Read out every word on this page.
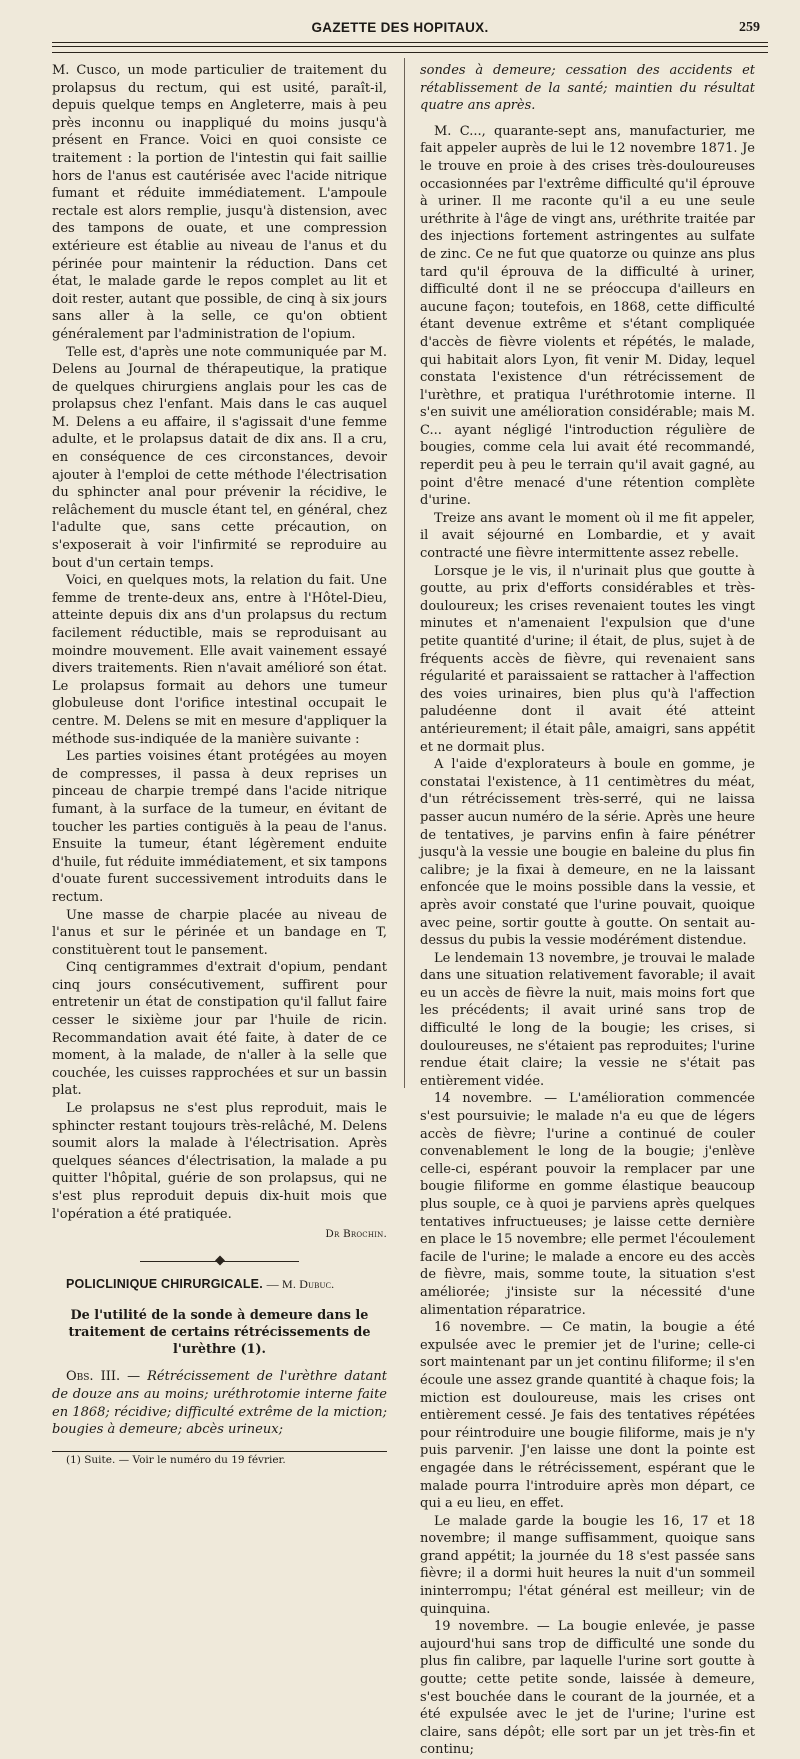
GAZETTE DES HOPITAUX.	259

M. Cusco, un mode particulier de traitement du prolapsus du rectum, qui est usité, paraît-il, depuis quelque temps en Angleterre, mais à peu près inconnu ou inappliqué du moins jusqu'à présent en France. Voici en quoi consiste ce traitement : la portion de l'intestin qui fait saillie hors de l'anus est cautérisée avec l'acide nitrique fumant et réduite immédiatement. L'ampoule rectale est alors remplie, jusqu'à distension, avec des tampons de ouate, et une compression extérieure est établie au niveau de l'anus et du périnée pour maintenir la réduction. Dans cet état, le malade garde le repos complet au lit et doit rester, autant que possible, de cinq à six jours sans aller à la selle, ce qu'on obtient généralement par l'administration de l'opium.

Telle est, d'après une note communiquée par M. Delens au Journal de thérapeutique, la pratique de quelques chirurgiens anglais pour les cas de prolapsus chez l'enfant. Mais dans le cas auquel M. Delens a eu affaire, il s'agissait d'une femme adulte, et le prolapsus datait de dix ans. Il a cru, en conséquence de ces circonstances, devoir ajouter à l'emploi de cette méthode l'électrisation du sphincter anal pour prévenir la récidive, le relâchement du muscle étant tel, en général, chez l'adulte que, sans cette précaution, on s'exposerait à voir l'infirmité se reproduire au bout d'un certain temps.

Voici, en quelques mots, la relation du fait. Une femme de trente-deux ans, entre à l'Hôtel-Dieu, atteinte depuis dix ans d'un prolapsus du rectum facilement réductible, mais se reproduisant au moindre mouvement. Elle avait vainement essayé divers traitements. Rien n'avait amélioré son état. Le prolapsus formait au dehors une tumeur globuleuse dont l'orifice intestinal occupait le centre. M. Delens se mit en mesure d'appliquer la méthode sus-indiquée de la manière suivante :

Les parties voisines étant protégées au moyen de compresses, il passa à deux reprises un pinceau de charpie trempé dans l'acide nitrique fumant, à la surface de la tumeur, en évitant de toucher les parties contiguës à la peau de l'anus. Ensuite la tumeur, étant légèrement enduite d'huile, fut réduite immédiatement, et six tampons d'ouate furent successivement introduits dans le rectum.

Une masse de charpie placée au niveau de l'anus et sur le périnée et un bandage en T, constituèrent tout le pansement.

Cinq centigrammes d'extrait d'opium, pendant cinq jours consécutivement, suffirent pour entretenir un état de constipation qu'il fallut faire cesser le sixième jour par l'huile de ricin. Recommandation avait été faite, à dater de ce moment, à la malade, de n'aller à la selle que couchée, les cuisses rapprochées et sur un bassin plat.

Le prolapsus ne s'est plus reproduit, mais le sphincter restant toujours très-relâché, M. Delens soumit alors la malade à l'électrisation. Après quelques séances d'électrisation, la malade a pu quitter l'hôpital, guérie de son prolapsus, qui ne s'est plus reproduit depuis dix-huit mois que l'opération a été pratiquée.

Dr Brochin.
POLICLINIQUE CHIRURGICALE. — M. Dubuc.
De l'utilité de la sonde à demeure dans le traitement de certains rétrécissements de l'urèthre (1).

Obs. III. — Rétrécissement de l'urèthre datant de douze ans au moins; uréthrotomie interne faite en 1868; récidive; difficulté extrême de la miction; bougies à demeure; abcès urineux;

(1) Suite. — Voir le numéro du 19 février.

sondes à demeure; cessation des accidents et rétablissement de la santé; maintien du résultat quatre ans après.

M. C..., quarante-sept ans, manufacturier, me fait appeler auprès de lui le 12 novembre 1871. Je le trouve en proie à des crises très-douloureuses occasionnées par l'extrême difficulté qu'il éprouve à uriner. Il me raconte qu'il a eu une seule uréthrite à l'âge de vingt ans, uréthrite traitée par des injections fortement astringentes au sulfate de zinc. Ce ne fut que quatorze ou quinze ans plus tard qu'il éprouva de la difficulté à uriner, difficulté dont il ne se préoccupa d'ailleurs en aucune façon; toutefois, en 1868, cette difficulté étant devenue extrême et s'étant compliquée d'accès de fièvre violents et répétés, le malade, qui habitait alors Lyon, fit venir M. Diday, lequel constata l'existence d'un rétrécissement de l'urèthre, et pratiqua l'uréthrotomie interne. Il s'en suivit une amélioration considérable; mais M. C... ayant négligé l'introduction régulière de bougies, comme cela lui avait été recommandé, reperdit peu à peu le terrain qu'il avait gagné, au point d'être menacé d'une rétention complète d'urine.

Treize ans avant le moment où il me fit appeler, il avait séjourné en Lombardie, et y avait contracté une fièvre intermittente assez rebelle.

Lorsque je le vis, il n'urinait plus que goutte à goutte, au prix d'efforts considérables et très-douloureux; les crises revenaient toutes les vingt minutes et n'amenaient l'expulsion que d'une petite quantité d'urine; il était, de plus, sujet à de fréquents accès de fièvre, qui revenaient sans régularité et paraissaient se rattacher à l'affection des voies urinaires, bien plus qu'à l'affection paludéenne dont il avait été atteint antérieurement; il était pâle, amaigri, sans appétit et ne dormait plus.

A l'aide d'explorateurs à boule en gomme, je constatai l'existence, à 11 centimètres du méat, d'un rétrécissement très-serré, qui ne laissa passer aucun numéro de la série. Après une heure de tentatives, je parvins enfin à faire pénétrer jusqu'à la vessie une bougie en baleine du plus fin calibre; je la fixai à demeure, en ne la laissant enfoncée que le moins possible dans la vessie, et après avoir constaté que l'urine pouvait, quoique avec peine, sortir goutte à goutte. On sentait au-dessus du pubis la vessie modérément distendue.

Le lendemain 13 novembre, je trouvai le malade dans une situation relativement favorable; il avait eu un accès de fièvre la nuit, mais moins fort que les précédents; il avait uriné sans trop de difficulté le long de la bougie; les crises, si douloureuses, ne s'étaient pas reproduites; l'urine rendue était claire; la vessie ne s'était pas entièrement vidée.

14 novembre. — L'amélioration commencée s'est poursuivie; le malade n'a eu que de légers accès de fièvre; l'urine a continué de couler convenablement le long de la bougie; j'enlève celle-ci, espérant pouvoir la remplacer par une bougie filiforme en gomme élastique beaucoup plus souple, ce à quoi je parviens après quelques tentatives infructueuses; je laisse cette dernière en place le 15 novembre; elle permet l'écoulement facile de l'urine; le malade a encore eu des accès de fièvre, mais, somme toute, la situation s'est améliorée; j'insiste sur la nécessité d'une alimentation réparatrice.

16 novembre. — Ce matin, la bougie a été expulsée avec le premier jet de l'urine; celle-ci sort maintenant par un jet continu filiforme; il s'en écoule une assez grande quantité à chaque fois; la miction est douloureuse, mais les crises ont entièrement cessé. Je fais des tentatives répétées pour réintroduire une bougie filiforme, mais je n'y puis parvenir. J'en laisse une dont la pointe est engagée dans le rétrécissement, espérant que le malade pourra l'introduire après mon départ, ce qui a eu lieu, en effet.

Le malade garde la bougie les 16, 17 et 18 novembre; il mange suffisamment, quoique sans grand appétit; la journée du 18 s'est passée sans fièvre; il a dormi huit heures la nuit d'un sommeil ininterrompu; l'état général est meilleur; vin de quinquina.

19 novembre. — La bougie enlevée, je passe aujourd'hui sans trop de difficulté une sonde du plus fin calibre, par laquelle l'urine sort goutte à goutte; cette petite sonde, laissée à demeure, s'est bouchée dans le courant de la journée, et a été expulsée avec le jet de l'urine; l'urine est claire, sans dépôt; elle sort par un jet très-fin et continu;
